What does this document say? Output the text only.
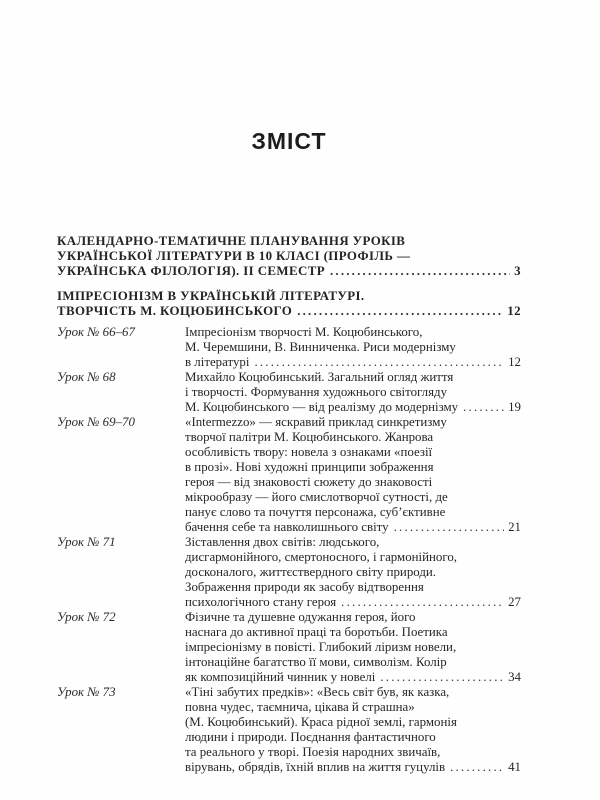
ЗМІСТ
КАЛЕНДАРНО-ТЕМАТИЧНЕ ПЛАНУВАННЯ УРОКІВ
УКРАЇНСЬКОЇ ЛІТЕРАТУРИ В 10 КЛАСІ (ПРОФІЛЬ —
УКРАЇНСЬКА ФІЛОЛОГІЯ). ІІ СЕМЕСТР .....	3
ІМПРЕСІОНІЗМ В УКРАЇНСЬКІЙ ЛІТЕРАТУРІ.
ТВОРЧІСТЬ М. КОЦЮБИНСЬКОГО .....	12
Урок № 66–67	Імпресіонізм творчості М. Коцюбинського,
М. Черемшини, В. Винниченка. Риси модернізму
в літературі .....	12
Урок № 68	Михайло Коцюбинський. Загальний огляд життя
і творчості. Формування художнього світогляду
М. Коцюбинського — від реалізму до модернізму .....	19
Урок № 69–70	«Intermezzo» — яскравий приклад синкретизму
творчої палітри М. Коцюбинського. Жанрова
особливість твору: новела з ознаками «поезії
в прозі». Нові художні принципи зображення
героя — від знаковості сюжету до знаковості
мікрообразу — його смислотворчої сутності, де
панує слово та почуття персонажа, суб’єктивне
бачення себе та навколишнього світу .....	21
Урок № 71	Зіставлення двох світів: людського,
дисгармонійного, смертоносного, і гармонійного,
досконалого, життєствердного світу природи.
Зображення природи як засобу відтворення
психологічного стану героя .....	27
Урок № 72	Фізичне та душевне одужання героя, його
наснага до активної праці та боротьби. Поетика
імпресіонізму в повісті. Глибокий ліризм новели,
інтонаційне багатство її мови, символізм. Колір
як композиційний чинник у новелі .....	34
Урок № 73	«Тіні забутих предків»: «Весь світ був, як казка,
повна чудес, таємнича, цікава й страшна»
(М. Коцюбинський). Краса рідної землі, гармонія
людини і природи. Поєднання фантастичного
та реального у творі. Поезія народних звичаїв,
вірувань, обрядів, їхній вплив на життя гуцулів .....	41
